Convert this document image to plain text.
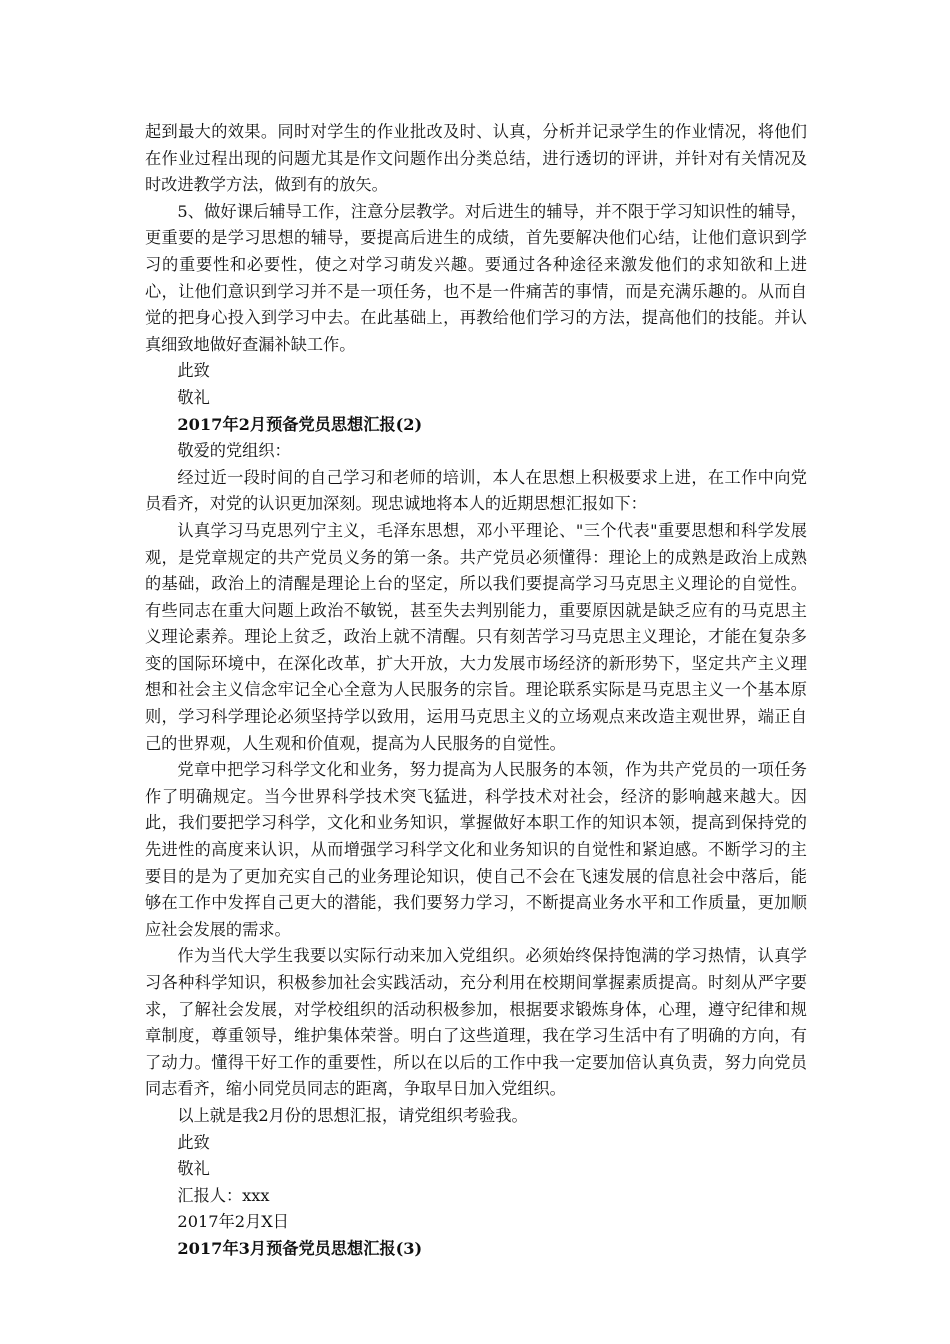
起到最大的效果。同时对学生的作业批改及时、认真，分析并记录学生的作业情况，将他们在作业过程出现的问题尤其是作文问题作出分类总结，进行透切的评讲，并针对有关情况及时改进教学方法，做到有的放矢。

5、做好课后辅导工作，注意分层教学。对后进生的辅导，并不限于学习知识性的辅导，更重要的是学习思想的辅导，要提高后进生的成绩，首先要解决他们心结，让他们意识到学习的重要性和必要性，使之对学习萌发兴趣。要通过各种途径来激发他们的求知欲和上进心，让他们意识到学习并不是一项任务，也不是一件痛苦的事情，而是充满乐趣的。从而自觉的把身心投入到学习中去。在此基础上，再教给他们学习的方法，提高他们的技能。并认真细致地做好查漏补缺工作。

此致

敬礼

2017年2月预备党员思想汇报(2)

敬爱的党组织：

经过近一段时间的自己学习和老师的培训，本人在思想上积极要求上进，在工作中向党员看齐，对党的认识更加深刻。现忠诚地将本人的近期思想汇报如下：

认真学习马克思列宁主义，毛泽东思想，邓小平理论、"三个代表"重要思想和科学发展观，是党章规定的共产党员义务的第一条。共产党员必须懂得：理论上的成熟是政治上成熟的基础，政治上的清醒是理论上台的坚定，所以我们要提高学习马克思主义理论的自觉性。有些同志在重大问题上政治不敏锐，甚至失去判别能力，重要原因就是缺乏应有的马克思主义理论素养。理论上贫乏，政治上就不清醒。只有刻苦学习马克思主义理论，才能在复杂多变的国际环境中，在深化改革，扩大开放，大力发展市场经济的新形势下，坚定共产主义理想和社会主义信念牢记全心全意为人民服务的宗旨。理论联系实际是马克思主义一个基本原则，学习科学理论必须坚持学以致用，运用马克思主义的立场观点来改造主观世界，端正自己的世界观，人生观和价值观，提高为人民服务的自觉性。

党章中把学习科学文化和业务，努力提高为人民服务的本领，作为共产党员的一项任务作了明确规定。当今世界科学技术突飞猛进，科学技术对社会，经济的影响越来越大。因此，我们要把学习科学，文化和业务知识，掌握做好本职工作的知识本领，提高到保持党的先进性的高度来认识，从而增强学习科学文化和业务知识的自觉性和紧迫感。不断学习的主要目的是为了更加充实自己的业务理论知识，使自己不会在飞速发展的信息社会中落后，能够在工作中发挥自己更大的潜能，我们要努力学习，不断提高业务水平和工作质量，更加顺应社会发展的需求。

作为当代大学生我要以实际行动来加入党组织。必须始终保持饱满的学习热情，认真学习各种科学知识，积极参加社会实践活动，充分利用在校期间掌握素质提高。时刻从严字要求，了解社会发展，对学校组织的活动积极参加，根据要求锻炼身体，心理，遵守纪律和规章制度，尊重领导，维护集体荣誉。明白了这些道理，我在学习生活中有了明确的方向，有了动力。懂得干好工作的重要性，所以在以后的工作中我一定要加倍认真负责，努力向党员同志看齐，缩小同党员同志的距离，争取早日加入党组织。

以上就是我2月份的思想汇报，请党组织考验我。

此致

敬礼

汇报人：xxx

2017年2月X日

2017年3月预备党员思想汇报(3)
